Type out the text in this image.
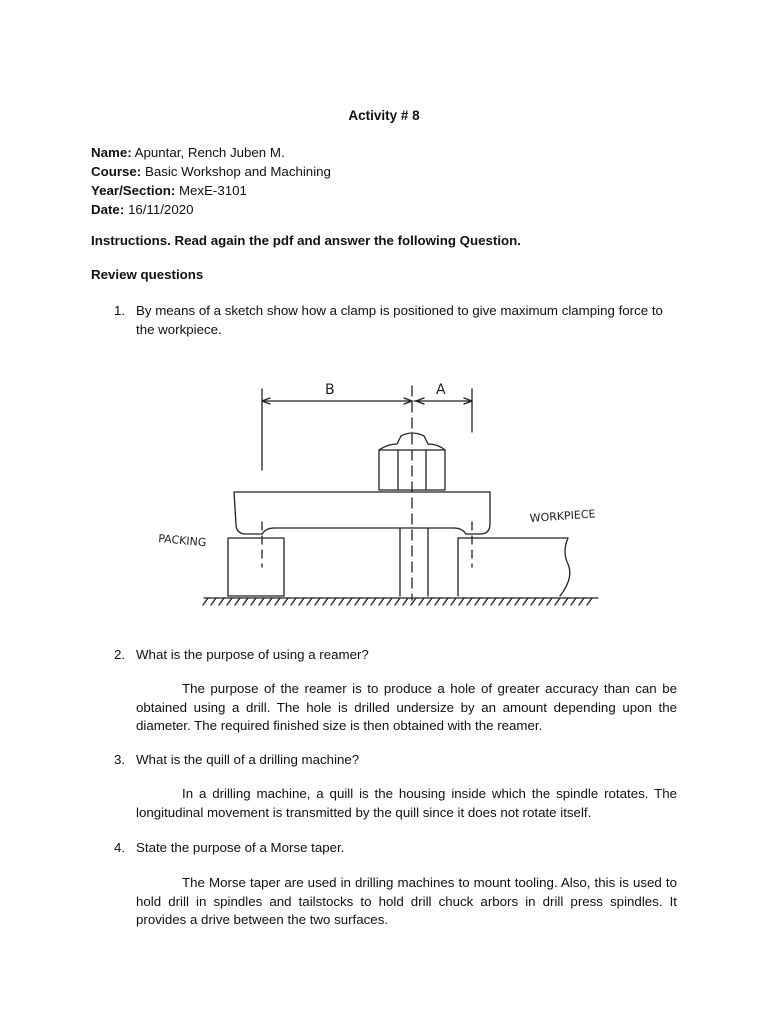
Activity # 8
Name: Apuntar, Rench Juben M.
Course: Basic Workshop and Machining
Year/Section: MexE-3101
Date: 16/11/2020
Instructions. Read again the pdf and answer the following Question.
Review questions
1. By means of a sketch show how a clamp is positioned to give maximum clamping force to the workpiece.
B	A
PACKING
WORKPIECE
2. What is the purpose of using a reamer?
The purpose of the reamer is to produce a hole of greater accuracy than can be obtained using a drill. The hole is drilled undersize by an amount depending upon the diameter. The required finished size is then obtained with the reamer.
3. What is the quill of a drilling machine?
In a drilling machine, a quill is the housing inside which the spindle rotates. The longitudinal movement is transmitted by the quill since it does not rotate itself.
4. State the purpose of a Morse taper.
The Morse taper are used in drilling machines to mount tooling. Also, this is used to hold drill in spindles and tailstocks to hold drill chuck arbors in drill press spindles. It provides a drive between the two surfaces.
